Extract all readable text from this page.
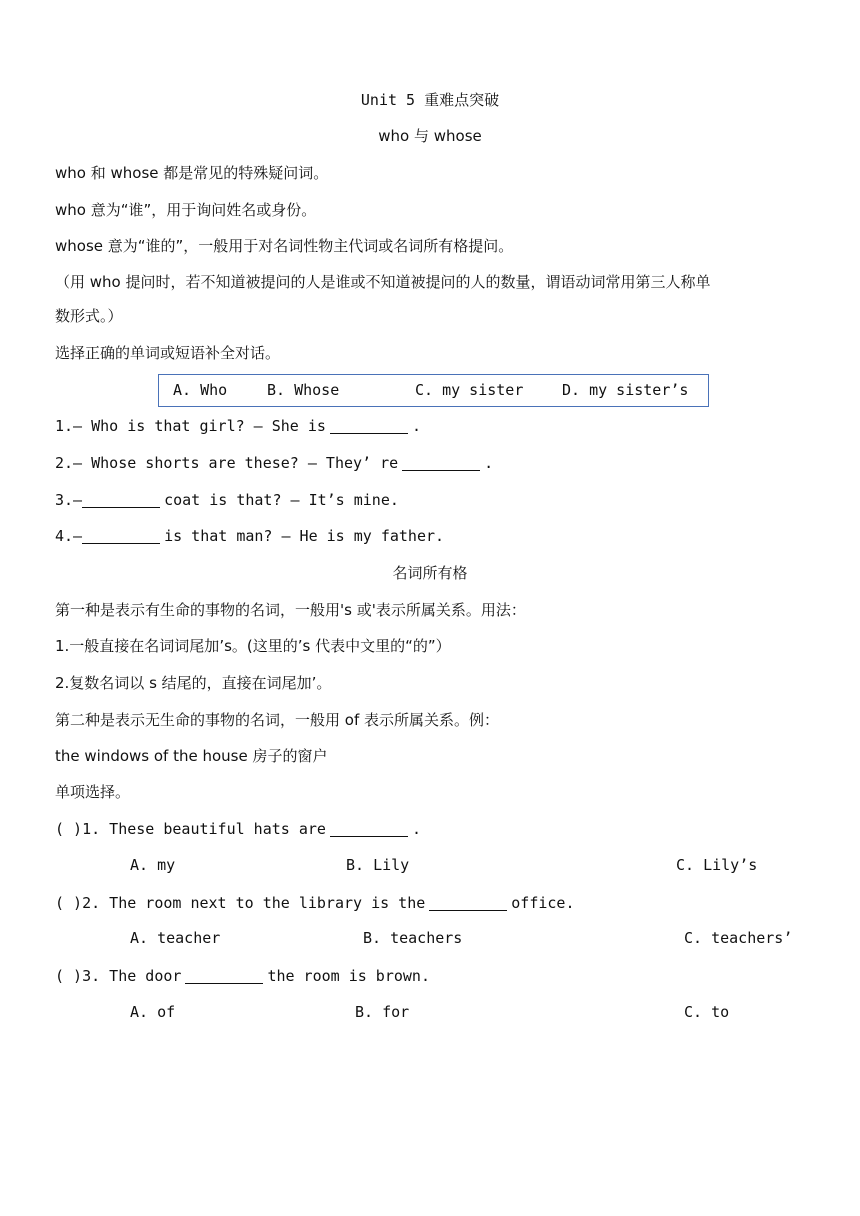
Unit 5 重难点突破
who 与 whose
who 和 whose 都是常见的特殊疑问词。
who 意为“谁”，用于询问姓名或身份。
whose 意为“谁的”，一般用于对名词性物主代词或名词所有格提问。
（用 who 提问时，若不知道被提问的人是谁或不知道被提问的人的数量，谓语动词常用第三人称单
数形式。）
选择正确的单词或短语补全对话。
A. Who	B. Whose	C. my sister	D. my sister’s
1.— Who is that girl? — She is	.
2.— Whose shorts are these? — They’ re	.
3.—	coat is that? — It’s mine.
4.—	is that man? — He is my father.
名词所有格
第一种是表示有生命的事物的名词，一般用's 或'表示所属关系。用法：
1.一般直接在名词词尾加’s。(这里的’s 代表中文里的“的”）
2.复数名词以 s 结尾的，直接在词尾加’。
第二种是表示无生命的事物的名词，一般用 of 表示所属关系。例：
the windows of the house 房子的窗户
单项选择。
( )1. These beautiful hats are	.
A. my	B. Lily	C. Lily’s
( )2. The room next to the library is the	office.
A. teacher	B. teachers	C. teachers’
( )3. The door	the room is brown.
A. of	B. for	C. to
